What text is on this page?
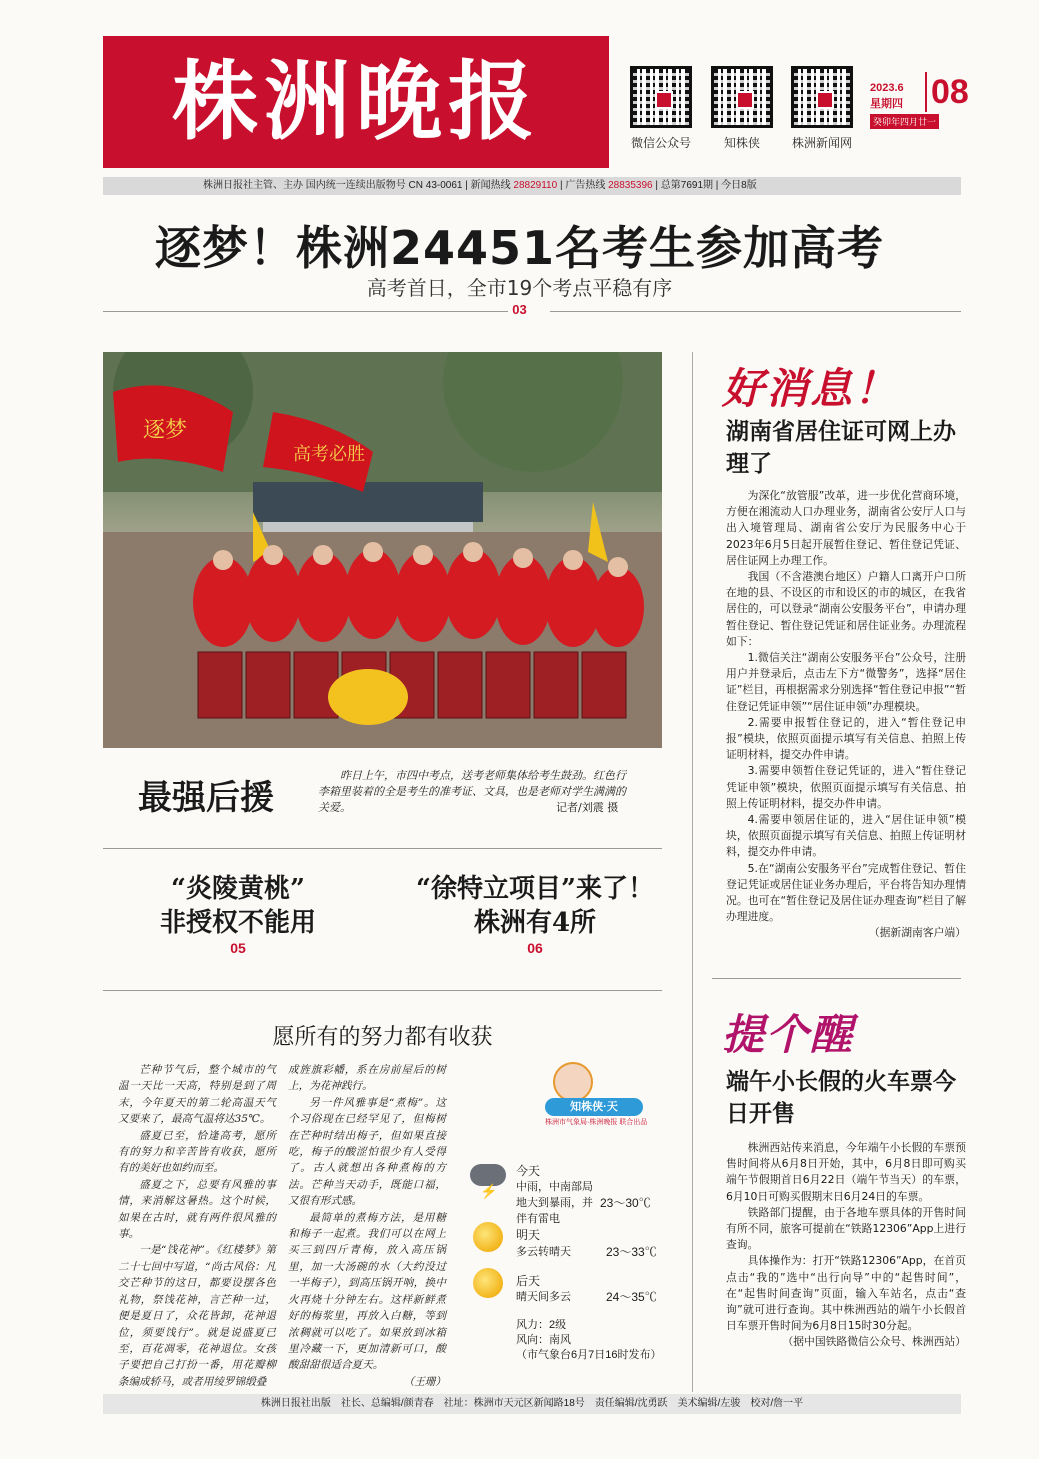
株洲晚报	微信公众号	知株侠	株洲新闻网
2023.6
星期四 08
癸卯年四月廿一
株洲日报社主管、主办 国内统一连续出版物号 CN 43-0061 | 新闻热线 28829110 | 广告热线 28835396 | 总第7691期 | 今日8版
逐梦！株洲24451名考生参加高考
高考首日，全市19个考点平稳有序
03
逐梦
高考必胜
最强后援
昨日上午，市四中考点，送考老师集体给考生鼓劲。红色行李箱里装着的全是考生的准考证、文具，也是老师对学生满满的关爱。	记者/刘震 摄
“炎陵黄桃”
非授权不能用
05
“徐特立项目”来了！
株洲有4所
06
愿所有的努力都有收获

芒种节气后，整个城市的气温一天比一天高，特别是到了周末，今年夏天的第二轮高温天气又要来了，最高气温将达35℃。

盛夏已至，恰逢高考，愿所有的努力和辛苦皆有收获，愿所有的美好也如约而至。

盛夏之下，总要有风雅的事情，来消解这暑热。这个时候，如果在古时，就有两件很风雅的事。

一是“饯花神”。《红楼梦》第二十七回中写道，“尚古风俗：凡交芒种节的这日，都要设摆各色礼物，祭饯花神，言芒种一过，便是夏日了，众花皆卸，花神退位，须要饯行”。就是说盛夏已至，百花凋零，花神退位。女孩子要把自己打扮一番，用花瓣柳条编成轿马，或者用绫罗锦缎叠

成旌旗彩幡，系在房前屋后的树上，为花神践行。

另一件风雅事是“煮梅”。这个习俗现在已经罕见了，但梅树在芒种时结出梅子，但如果直接吃，梅子的酸涩怕很少有人受得了。古人就想出各种煮梅的方法。芒种当天动手，既能口福，又很有形式感。

最简单的煮梅方法，是用糖和梅子一起煮。我们可以在网上买三到四斤青梅，放入高压锅里，加一大汤碗的水（大约没过一半梅子），到高压锅开响，换中火再烧十分钟左右。这样新鲜煮好的梅浆里，再放入白糖，等到浓稠就可以吃了。如果放到冰箱里冷藏一下，更加清新可口，酸酸甜甜很适合夏天。

（王珊）

知株侠·天
株洲市气象局·株洲晚报 联合出品
⚡
今天
中雨，中南部局地大到暴雨，并伴有雷电
23～30℃
明天
多云转晴天	23～33℃
后天
晴天间多云	24～35℃
风力：2级
风向：南风
（市气象台6月7日16时发布）
好消息！
湖南省居住证可网上办理了

为深化“放管服”改革，进一步优化营商环境，方便在湘流动人口办理业务，湖南省公安厅人口与出入境管理局、湖南省公安厅为民服务中心于2023年6月5日起开展暂住登记、暂住登记凭证、居住证网上办理工作。

我国（不含港澳台地区）户籍人口离开户口所在地的县、不设区的市和设区的市的城区，在我省居住的，可以登录“湖南公安服务平台”，申请办理暂住登记、暂住登记凭证和居住证业务。办理流程如下：

1.微信关注“湖南公安服务平台”公众号，注册用户并登录后，点击左下方“微警务”，选择“居住证”栏目，再根据需求分别选择“暂住登记申报”“暂住登记凭证申领”“居住证申领”办理模块。

2.需要申报暂住登记的，进入“暂住登记申报”模块，依照页面提示填写有关信息、拍照上传证明材料，提交办件申请。

3.需要申领暂住登记凭证的，进入“暂住登记凭证申领”模块，依照页面提示填写有关信息、拍照上传证明材料，提交办件申请。

4.需要申领居住证的，进入“居住证申领”模块，依照页面提示填写有关信息、拍照上传证明材料，提交办件申请。

5.在“湖南公安服务平台”完成暂住登记、暂住登记凭证或居住证业务办理后，平台将告知办理情况。也可在“暂住登记及居住证办理查询”栏目了解办理进度。

（据新湖南客户端）
提个醒
端午小长假的火车票今日开售

株洲西站传来消息，今年端午小长假的车票预售时间将从6月8日开始，其中，6月8日即可购买端午节假期首日6月22日（端午节当天）的车票，6月10日可购买假期末日6月24日的车票。

铁路部门提醒，由于各地车票具体的开售时间有所不同，旅客可提前在“铁路12306”App上进行查询。

具体操作为：打开“铁路12306”App，在首页点击“我的”选中“出行向导”中的“起售时间”，在“起售时间查询”页面，输入车站名，点击“查询”就可进行查询。其中株洲西站的端午小长假首日车票开售时间为6月8日15时30分起。

（据中国铁路微信公众号、株洲西站）
株洲日报社出版　社长、总编辑/颜青春　社址：株洲市天元区新闻路18号　责任编辑/沈勇跃　美术编辑/左骏　校对/詹一平
